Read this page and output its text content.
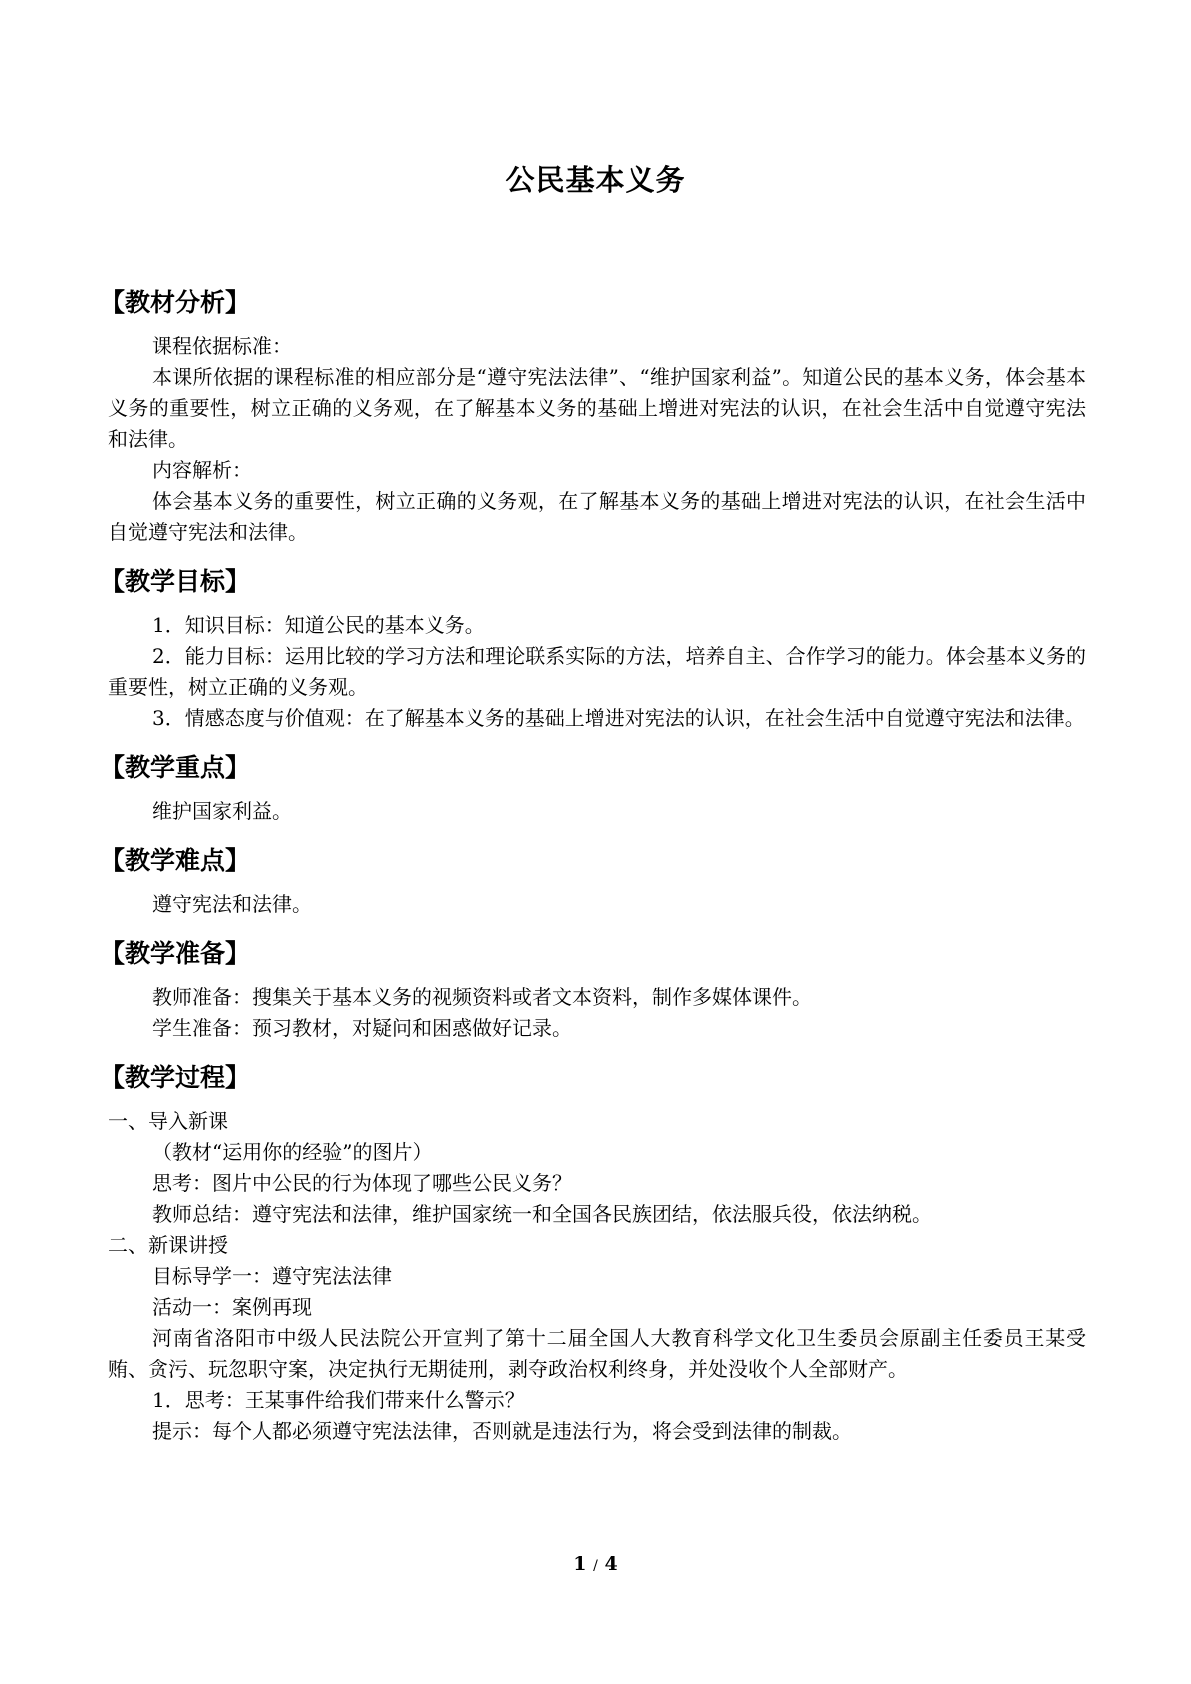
公民基本义务
【教材分析】

课程依据标准：

本课所依据的课程标准的相应部分是“遵守宪法法律”、“维护国家利益”。知道公民的基本义务，体会基本义务的重要性，树立正确的义务观，在了解基本义务的基础上增进对宪法的认识，在社会生活中自觉遵守宪法和法律。

内容解析：

体会基本义务的重要性，树立正确的义务观，在了解基本义务的基础上增进对宪法的认识，在社会生活中自觉遵守宪法和法律。

【教学目标】

1．知识目标：知道公民的基本义务。

2．能力目标：运用比较的学习方法和理论联系实际的方法，培养自主、合作学习的能力。体会基本义务的重要性，树立正确的义务观。

3．情感态度与价值观：在了解基本义务的基础上增进对宪法的认识，在社会生活中自觉遵守宪法和法律。

【教学重点】

维护国家利益。

【教学难点】

遵守宪法和法律。

【教学准备】

教师准备：搜集关于基本义务的视频资料或者文本资料，制作多媒体课件。

学生准备：预习教材，对疑问和困惑做好记录。

【教学过程】

一、导入新课

（教材“运用你的经验”的图片）

思考：图片中公民的行为体现了哪些公民义务？

教师总结：遵守宪法和法律，维护国家统一和全国各民族团结，依法服兵役，依法纳税。

二、新课讲授

目标导学一：遵守宪法法律

活动一：案例再现

河南省洛阳市中级人民法院公开宣判了第十二届全国人大教育科学文化卫生委员会原副主任委员王某受贿、贪污、玩忽职守案，决定执行无期徒刑，剥夺政治权利终身，并处没收个人全部财产。

1．思考：王某事件给我们带来什么警示？

提示：每个人都必须遵守宪法法律，否则就是违法行为，将会受到法律的制裁。

1 / 4
